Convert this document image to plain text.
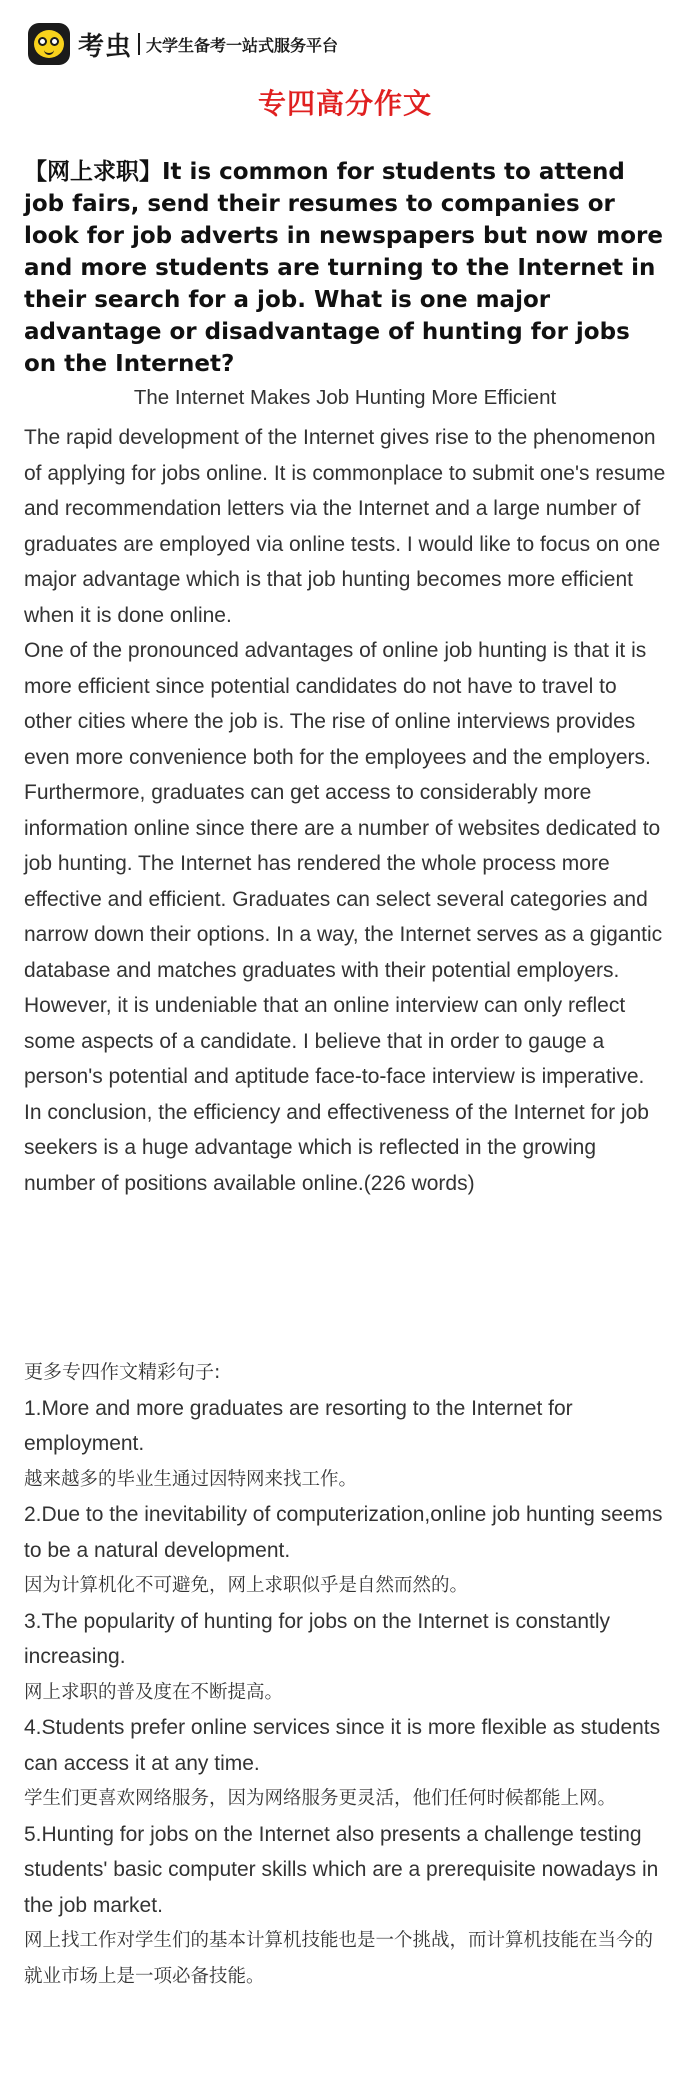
考虫 大学生备考一站式服务平台
专四高分作文
【网上求职】It is common for students to attend job fairs, send their resumes to companies or look for job adverts in newspapers but now more and more students are turning to the Internet in their search for a job. What is one major advantage or disadvantage of hunting for jobs on the Internet?
The Internet Makes Job Hunting More Efficient

The rapid development of the Internet gives rise to the phenomenon of applying for jobs online. It is commonplace to submit one's resume and recommendation letters via the Internet and a large number of graduates are employed via online tests. I would like to focus on one major advantage which is that job hunting becomes more efficient when it is done online.

One of the pronounced advantages of online job hunting is that it is more efficient since potential candidates do not have to travel to other cities where the job is. The rise of online interviews provides even more convenience both for the employees and the employers. Furthermore, graduates can get access to considerably more information online since there are a number of websites dedicated to job hunting. The Internet has rendered the whole process more effective and efficient. Graduates can select several categories and narrow down their options. In a way, the Internet serves as a gigantic database and matches graduates with their potential employers. However, it is undeniable that an online interview can only reflect some aspects of a candidate. I believe that in order to gauge a person's potential and aptitude face-to-face interview is imperative.

In conclusion, the efficiency and effectiveness of the Internet for job seekers is a huge advantage which is reflected in the growing number of positions available online.(226 words)

更多专四作文精彩句子:

1.More and more graduates are resorting to the Internet for employment.

越来越多的毕业生通过因特网来找工作。

2.Due to the inevitability of computerization,online job hunting seems to be a natural development.

因为计算机化不可避免，网上求职似乎是自然而然的。

3.The popularity of hunting for jobs on the Internet is constantly increasing.

网上求职的普及度在不断提高。

4.Students prefer online services since it is more flexible as students can access it at any time.

学生们更喜欢网络服务，因为网络服务更灵活，他们任何时候都能上网。

5.Hunting for jobs on the Internet also presents a challenge testing students' basic computer skills which are a prerequisite nowadays in the job market.

网上找工作对学生们的基本计算机技能也是一个挑战，而计算机技能在当今的就业市场上是一项必备技能。
